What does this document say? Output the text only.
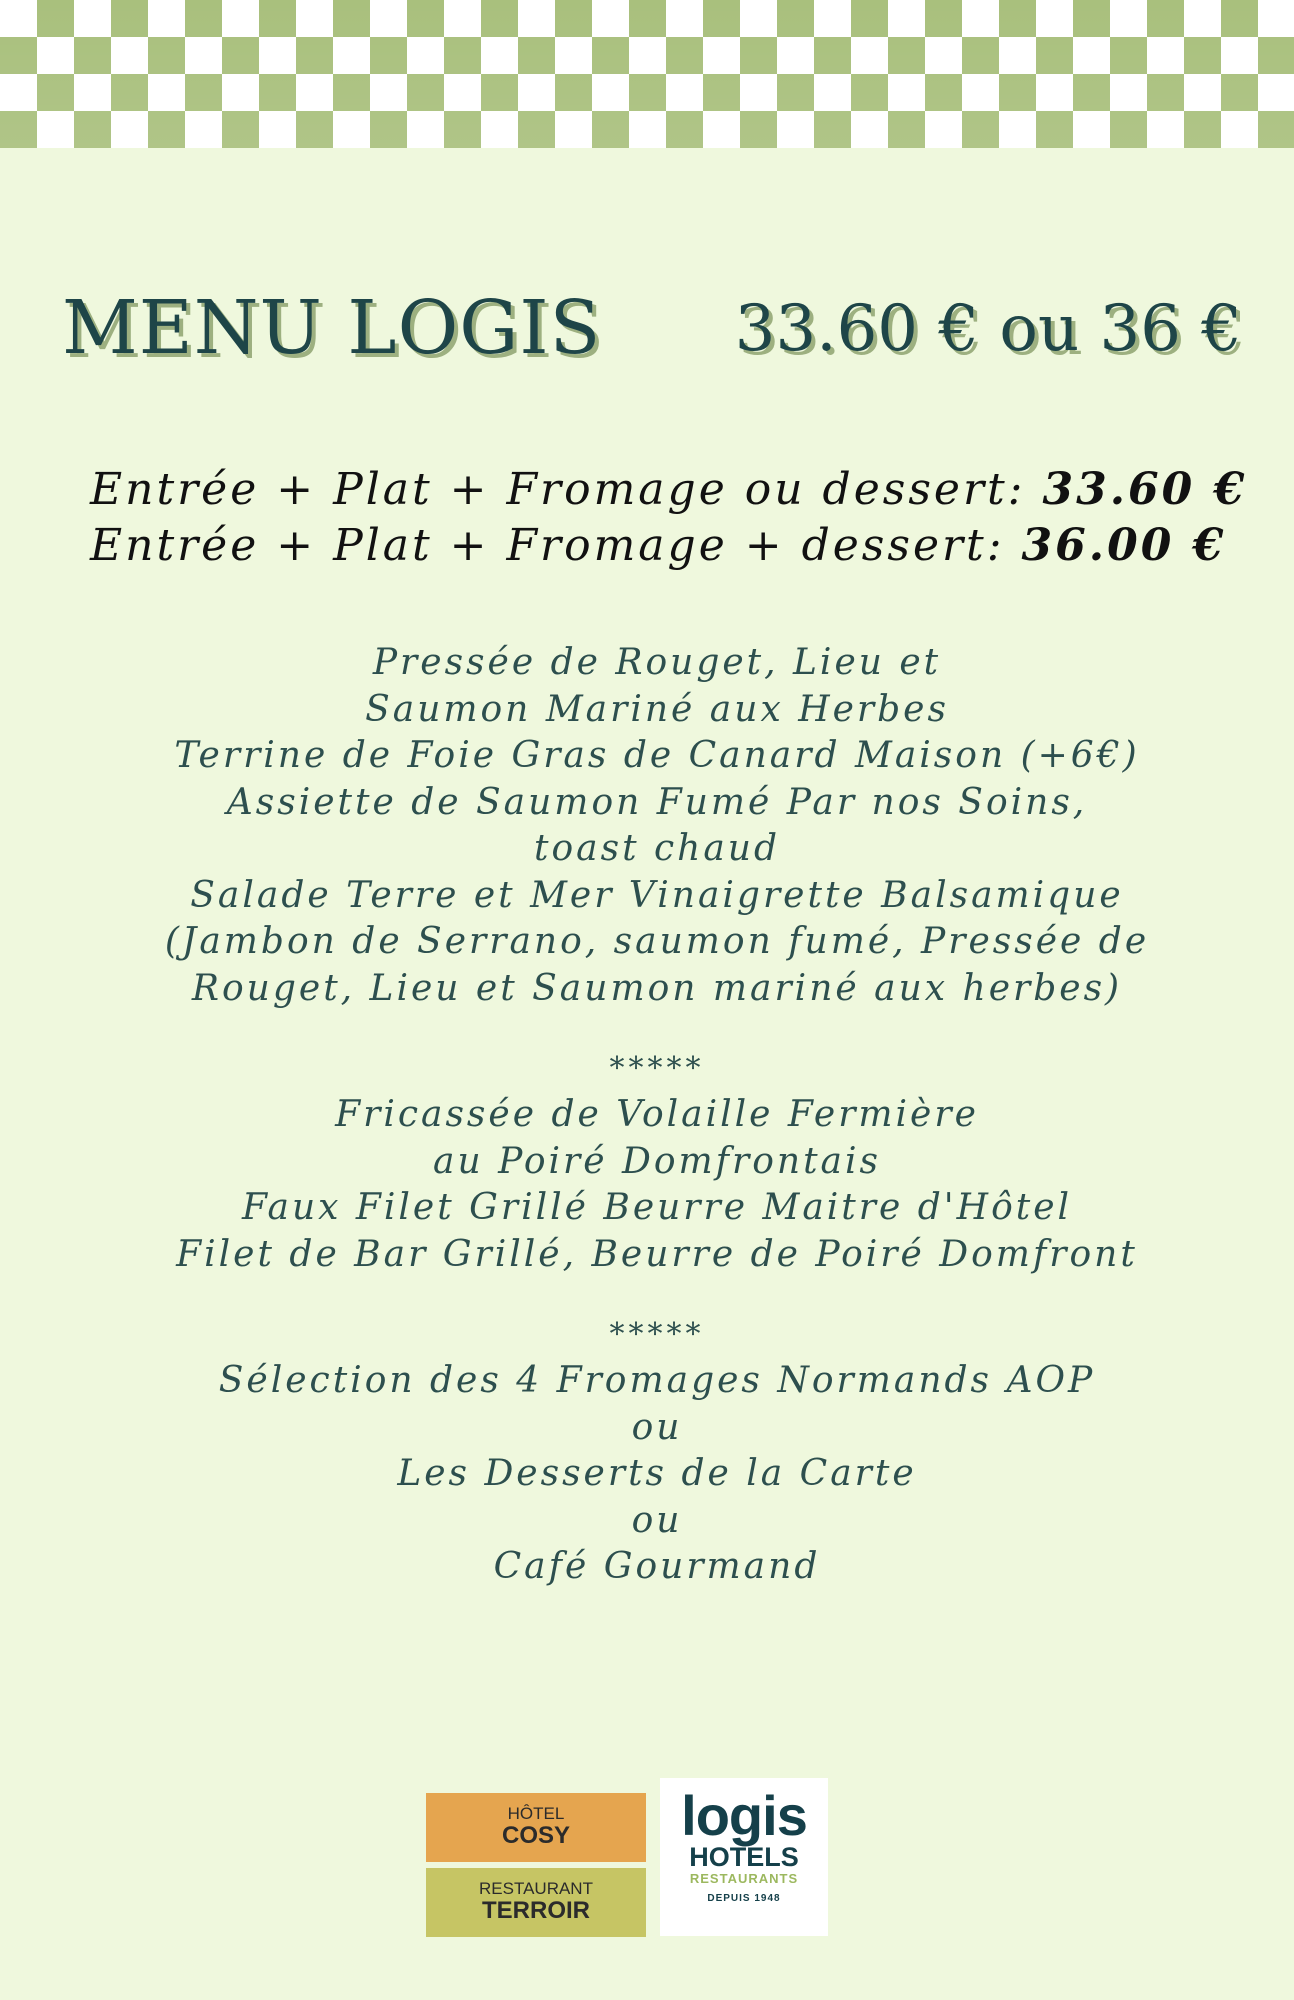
MENU LOGIS 33.60 € ou 36 €
Entrée + Plat + Fromage ou dessert: 33.60 €
Entrée + Plat + Fromage + dessert: 36.00 €
Pressée de Rouget, Lieu et
Saumon Mariné aux Herbes
Terrine de Foie Gras de Canard Maison (+6€)
Assiette de Saumon Fumé Par nos Soins,
toast chaud
Salade Terre et Mer Vinaigrette Balsamique
(Jambon de Serrano, saumon fumé, Pressée de
Rouget, Lieu et Saumon mariné aux herbes)
*****
Fricassée de Volaille Fermière
au Poiré Domfrontais
Faux Filet Grillé Beurre Maitre d'Hôtel
Filet de Bar Grillé, Beurre de Poiré Domfront
*****
Sélection des 4 Fromages Normands AOP
ou
Les Desserts de la Carte
ou
Café Gourmand
HÔTEL
COSY
RESTAURANT
TERROIR
logis
HOTELS
RESTAURANTS
DEPUIS 1948
